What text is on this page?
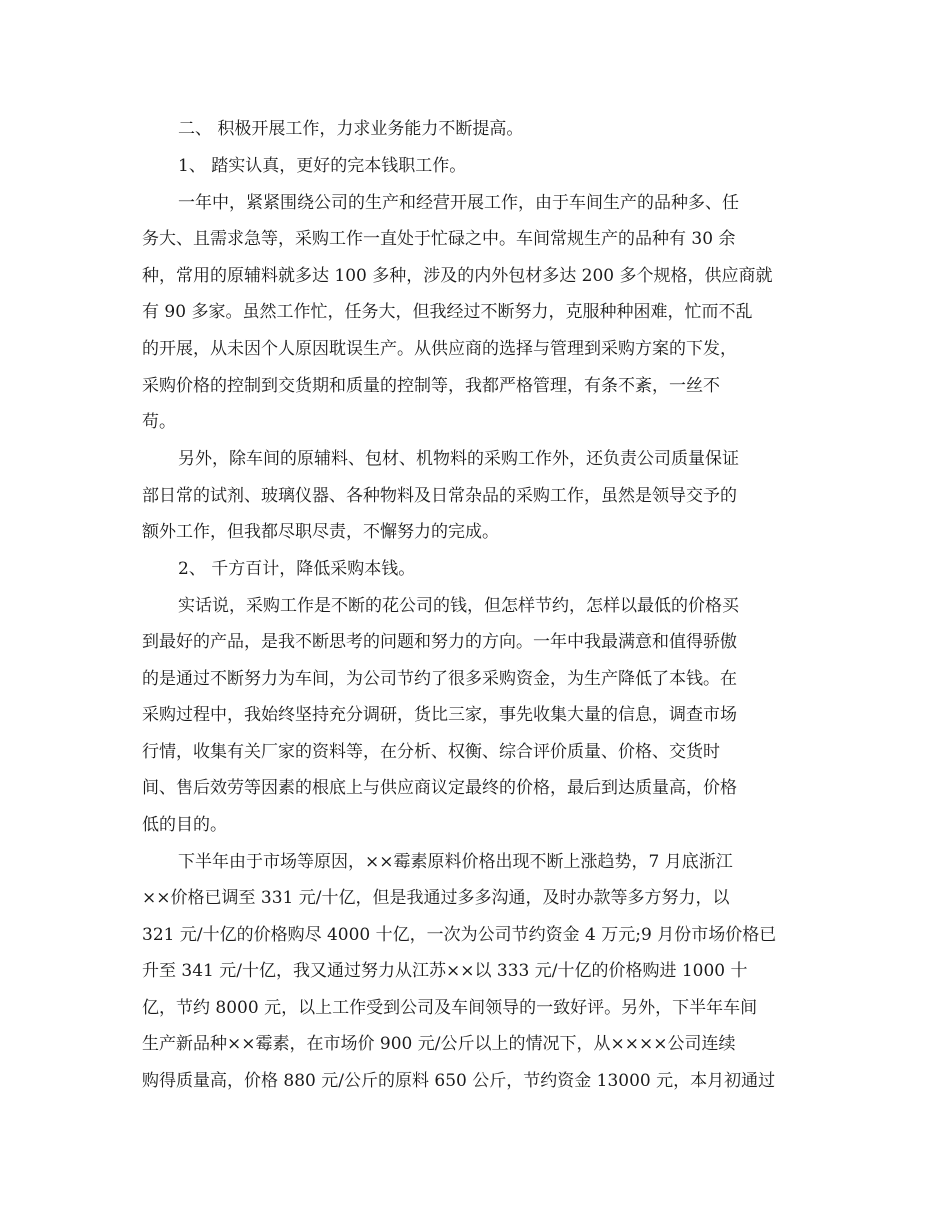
二、 积极开展工作，力求业务能力不断提高。
1、 踏实认真，更好的完本钱职工作。
一年中，紧紧围绕公司的生产和经营开展工作，由于车间生产的品种多、任
务大、且需求急等，采购工作一直处于忙碌之中。车间常规生产的品种有 30 余
种，常用的原辅料就多达 100 多种，涉及的内外包材多达 200 多个规格，供应商就
有 90 多家。虽然工作忙，任务大，但我经过不断努力，克服种种困难，忙而不乱
的开展，从未因个人原因耽误生产。从供应商的选择与管理到采购方案的下发，
采购价格的控制到交货期和质量的控制等，我都严格管理，有条不紊，一丝不
苟。
另外，除车间的原辅料、包材、机物料的采购工作外，还负责公司质量保证
部日常的试剂、玻璃仪器、各种物料及日常杂品的采购工作，虽然是领导交予的
额外工作，但我都尽职尽责，不懈努力的完成。
2、 千方百计，降低采购本钱。
实话说，采购工作是不断的花公司的钱，但怎样节约，怎样以最低的价格买
到最好的产品，是我不断思考的问题和努力的方向。一年中我最满意和值得骄傲
的是通过不断努力为车间，为公司节约了很多采购资金，为生产降低了本钱。在
采购过程中，我始终坚持充分调研，货比三家，事先收集大量的信息，调查市场
行情，收集有关厂家的资料等，在分析、权衡、综合评价质量、价格、交货时
间、售后效劳等因素的根底上与供应商议定最终的价格，最后到达质量高，价格
低的目的。
下半年由于市场等原因，××霉素原料价格出现不断上涨趋势，7 月底浙江
××价格已调至 331 元/十亿，但是我通过多多沟通，及时办款等多方努力，以
321 元/十亿的价格购尽 4000 十亿，一次为公司节约资金 4 万元;9 月份市场价格已
升至 341 元/十亿，我又通过努力从江苏××以 333 元/十亿的价格购进 1000 十
亿，节约 8000 元，以上工作受到公司及车间领导的一致好评。另外，下半年车间
生产新品种××霉素，在市场价 900 元/公斤以上的情况下，从××××公司连续
购得质量高，价格 880 元/公斤的原料 650 公斤，节约资金 13000 元，本月初通过
